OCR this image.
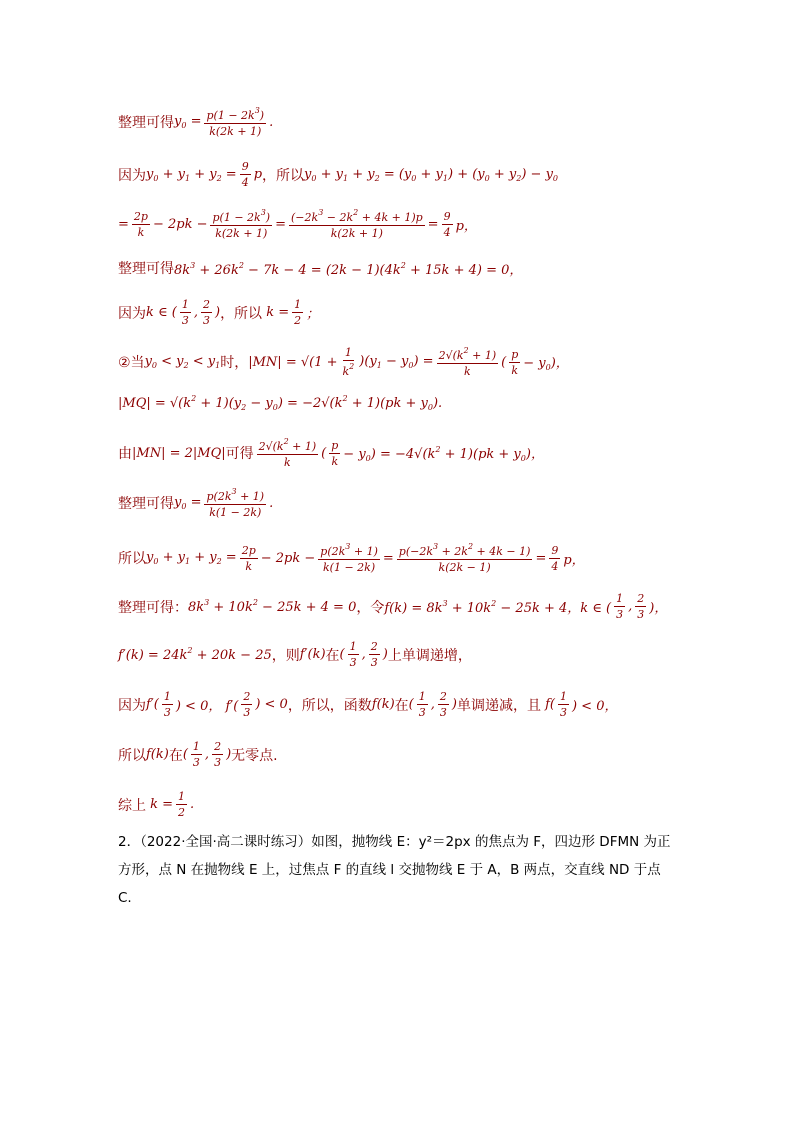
整理可得 $y_0 = \frac{p(1 - 2k^3)}{k(2k + 1)}$ .
因为 $y_0 + y_1 + y_2 = \frac{9}{4}$ p ，所以 $y_0 + y_1 + y_2 = (y_0 + y_1) + (y_0 + y_2) - y_0$
= $\frac{2p}{k} - 2pk - \frac{p(1 - 2k^3)}{k(2k + 1)} = \frac{(-2k^3 - 2k^2 + 4k + 1)p}{k(2k + 1)} = \frac{9}{4}$ p，
整理可得 $8k^3 + 26k^2 - 7k - 4 = (2k - 1)(4k^2 + 15k + 4) = 0$，
因为 k ∈ ( $\frac{1}{3}$ , $\frac{2}{3}$ ) ，所以 $k = \frac{1}{2}$ ；
②当 $y_0 < y_2 < y_1$ 时， $|MN| = √(1 + \frac{1}{k^2} )(y_1 - y_0) = \frac{2√(k^2 + 1)}{k}$ ( $\frac{p}{k} - y_0$)，
$|MQ| = √(k^2 + 1)(y_2 - y_0) = -2√(k^2 + 1)(pk + y_0)$.
由 |MN| = 2|MQ| 可得 $\frac{2√(k^2 + 1)}{k}$ ( $\frac{p}{k} - y_0) = -4√(k^2 + 1)(pk + y_0)$，
整理可得 $y_0 = \frac{p(2k^3 + 1)}{k(1 - 2k)}$ .
所以 $y_0 + y_1 + y_2 = \frac{2p}{k} - 2pk - \frac{p(2k^3 + 1)}{k(1 - 2k)} = \frac{p(-2k^3 + 2k^2 + 4k - 1)}{k(2k - 1)} = \frac{9}{4}$ p，
整理可得： $8k^3 + 10k^2 - 25k + 4 = 0$ ，令 $f(k) = 8k^3 + 10k^2 - 25k + 4$，k ∈ ( $\frac{1}{3}$ , $\frac{2}{3}$ )，
$f'(k) = 24k^2 + 20k - 25$ ，则 f′(k) 在 ( $\frac{1}{3}$ , $\frac{2}{3}$ ) 上单调递增，
因为 $f'( \frac{1}{3}$ ) < 0， $f'( \frac{2}{3}$ ) < 0 ，所以，函数 f(k) 在 ( $\frac{1}{3}$ , $\frac{2}{3}$ ) 单调递减，且 $f( \frac{1}{3}$ ) < 0，
所以 f(k) 在 ( $\frac{1}{3}$ , $\frac{2}{3}$ ) 无零点.
综上 $k = \frac{1}{2}$ .
2．（2022·全国·高二课时练习）如图，抛物线 E：y²＝2px 的焦点为 F，四边形 DFMN 为正方形，点 N 在抛物线 E 上，过焦点 F 的直线 l 交抛物线 E 于 A，B 两点，交直线 ND 于点 C.
